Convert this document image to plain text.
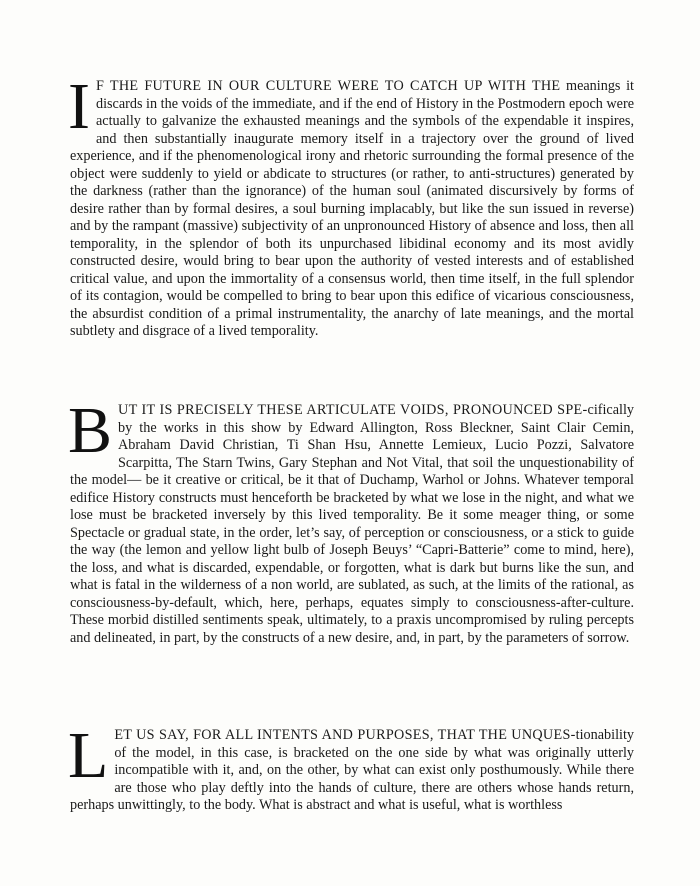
I F THE FUTURE IN OUR CULTURE WERE TO CATCH UP WITH THE meanings it discards in the voids of the immediate, and if the end of History in the Postmodern epoch were actually to galvanize the exhausted meanings and the symbols of the expendable it inspires, and then substantially inaugurate memory itself in a trajectory over the ground of lived experience, and if the phenomenological irony and rhetoric surrounding the formal presence of the object were suddenly to yield or abdicate to structures (or rather, to anti-structures) generated by the darkness (rather than the ignorance) of the human soul (animated discursively by forms of desire rather than by formal desires, a soul burning implacably, but like the sun issued in reverse) and by the rampant (massive) subjectivity of an unpronounced History of absence and loss, then all temporality, in the splendor of both its unpurchased libidinal economy and its most avidly constructed desire, would bring to bear upon the authority of vested interests and of established critical value, and upon the immortality of a consensus world, then time itself, in the full splendor of its contagion, would be compelled to bring to bear upon this edifice of vicarious consciousness, the absurdist condition of a primal instrumentality, the anarchy of late meanings, and the mortal subtlety and disgrace of a lived temporality.

BUT IT IS PRECISELY THESE ARTICULATE VOIDS, PRONOUNCED SPE-cifically by the works in this show by Edward Allington, Ross Bleckner, Saint Clair Cemin, Abraham David Christian, Ti Shan Hsu, Annette Lemieux, Lucio Pozzi, Salvatore Scarpitta, The Starn Twins, Gary Stephan and Not Vital, that soil the unquestionability of the model— be it creative or critical, be it that of Duchamp, Warhol or Johns. Whatever temporal edifice History constructs must henceforth be bracketed by what we lose in the night, and what we lose must be bracketed inversely by this lived temporality. Be it some meager thing, or some Spectacle or gradual state, in the order, let’s say, of perception or consciousness, or a stick to guide the way (the lemon and yellow light bulb of Joseph Beuys’ “Capri-Batterie” come to mind, here), the loss, and what is discarded, expendable, or forgotten, what is dark but burns like the sun, and what is fatal in the wilderness of a non world, are sublated, as such, at the limits of the rational, as consciousness-by-default, which, here, perhaps, equates simply to consciousness-after-culture. These morbid distilled sentiments speak, ultimately, to a praxis uncompromised by ruling percepts and delineated, in part, by the constructs of a new desire, and, in part, by the parameters of sorrow.

LET US SAY, FOR ALL INTENTS AND PURPOSES, THAT THE UNQUES-tionability of the model, in this case, is bracketed on the one side by what was originally utterly incompatible with it, and, on the other, by what can exist only posthumously. While there are those who play deftly into the hands of culture, there are others whose hands return, perhaps unwittingly, to the body. What is abstract and what is useful, what is worthless
